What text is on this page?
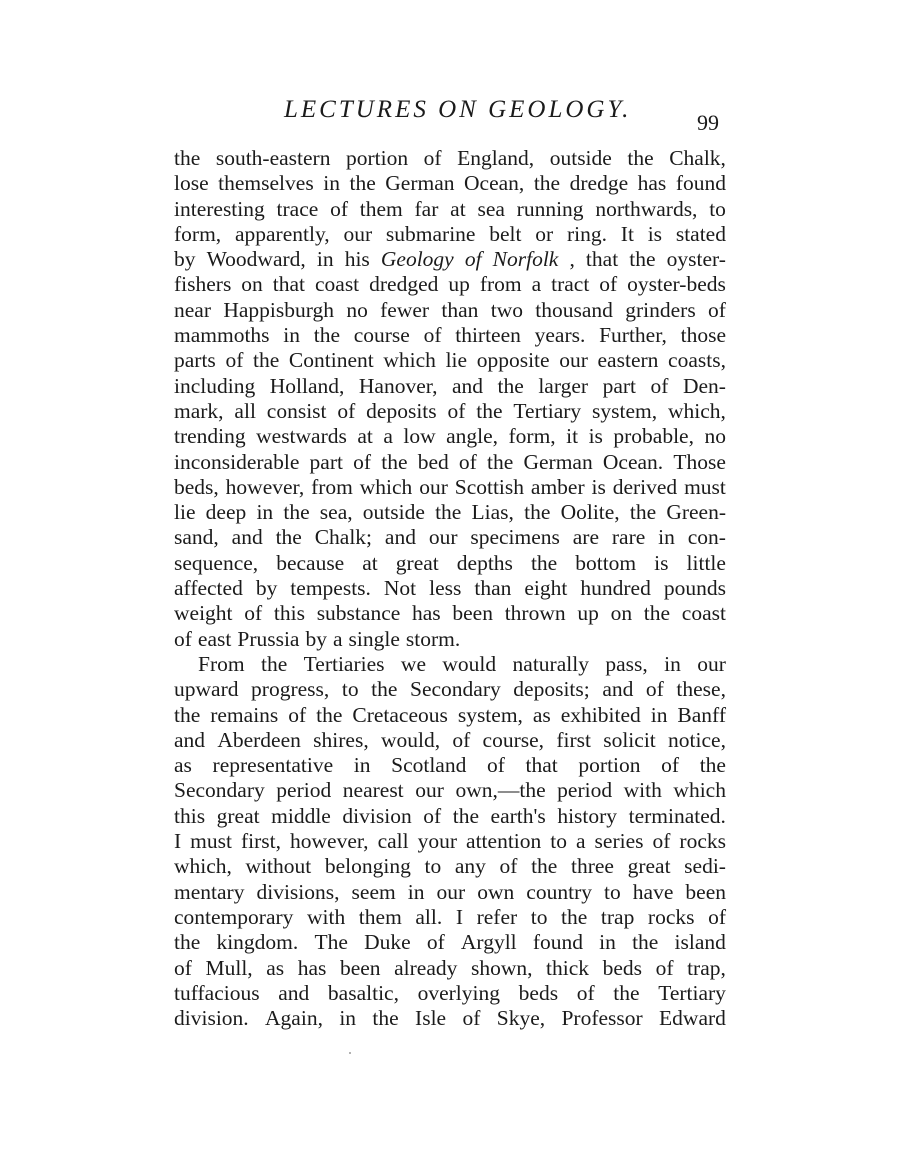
LECTURES ON GEOLOGY.	99
the south-eastern portion of England, outside the Chalk,
lose themselves in the German Ocean, the dredge has found
interesting trace of them far at sea running northwards, to
form, apparently, our submarine belt or ring. It is stated
by Woodward, in his Geology of Norfolk , that the oyster-
fishers on that coast dredged up from a tract of oyster-beds
near Happisburgh no fewer than two thousand grinders of
mammoths in the course of thirteen years. Further, those
parts of the Continent which lie opposite our eastern coasts,
including Holland, Hanover, and the larger part of Den-
mark, all consist of deposits of the Tertiary system, which,
trending westwards at a low angle, form, it is probable, no
inconsiderable part of the bed of the German Ocean. Those
beds, however, from which our Scottish amber is derived must
lie deep in the sea, outside the Lias, the Oolite, the Green-
sand, and the Chalk; and our specimens are rare in con-
sequence, because at great depths the bottom is little
affected by tempests. Not less than eight hundred pounds
weight of this substance has been thrown up on the coast
of east Prussia by a single storm.
From the Tertiaries we would naturally pass, in our
upward progress, to the Secondary deposits; and of these,
the remains of the Cretaceous system, as exhibited in Banff
and Aberdeen shires, would, of course, first solicit notice,
as representative in Scotland of that portion of the
Secondary period nearest our own,—the period with which
this great middle division of the earth's history terminated.
I must first, however, call your attention to a series of rocks
which, without belonging to any of the three great sedi-
mentary divisions, seem in our own country to have been
contemporary with them all. I refer to the trap rocks of
the kingdom. The Duke of Argyll found in the island
of Mull, as has been already shown, thick beds of trap,
tuffacious and basaltic, overlying beds of the Tertiary
division. Again, in the Isle of Skye, Professor Edward
